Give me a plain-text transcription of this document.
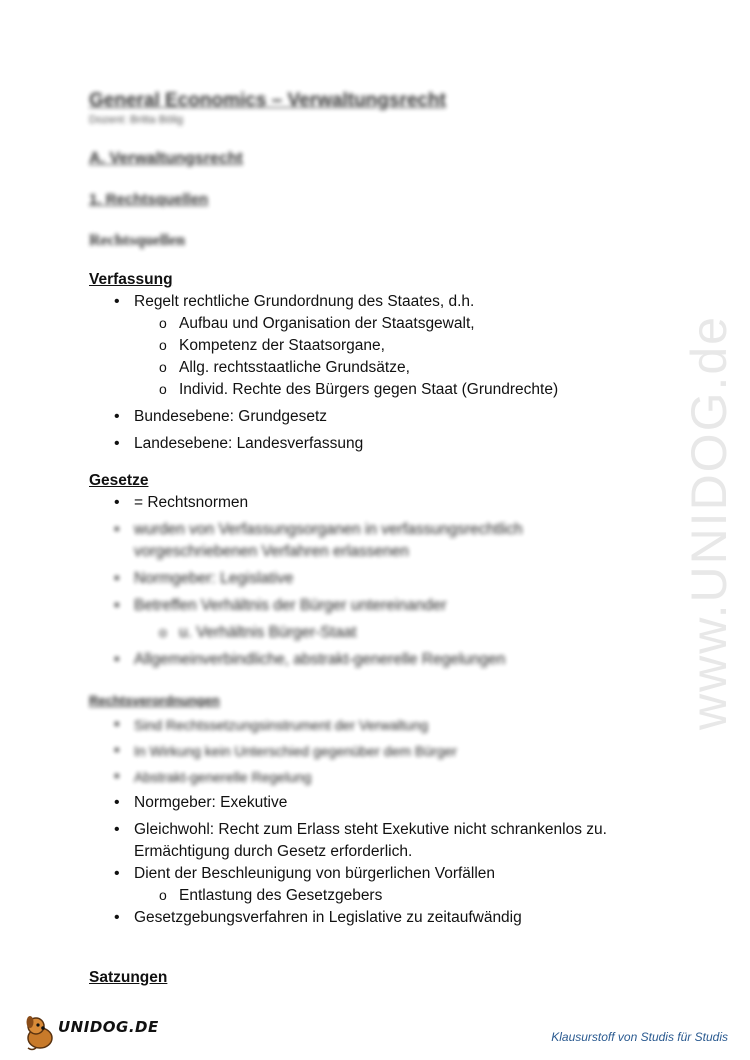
www.UNIDOG.de
General Economics – Verwaltungsrecht
Dozent: Britta Bölig
A. Verwaltungsrecht
1. Rechtsquellen
Rechtsquellen

Verfassung

• Regelt rechtliche Grundordnung des Staates, d.h.
o Aufbau und Organisation der Staatsgewalt,
o Kompetenz der Staatsorgane,
o Allg. rechtsstaatliche Grundsätze,
o Individ. Rechte des Bürgers gegen Staat (Grundrechte)
• Bundesebene: Grundgesetz
• Landesebene: Landesverfassung

Gesetze

• = Rechtsnormen
• wurden von Verfassungsorganen in verfassungsrechtlich
vorgeschriebenen Verfahren erlassenen
• Normgeber: Legislative
• Betreffen Verhältnis der Bürger untereinander
o u. Verhältnis Bürger-Staat
• Allgemeinverbindliche, abstrakt-generelle Regelungen

Rechtsverordnungen

• Sind Rechtssetzungsinstrument der Verwaltung
• In Wirkung kein Unterschied gegenüber dem Bürger
• Abstrakt-generelle Regelung
• Normgeber: Exekutive
• Gleichwohl: Recht zum Erlass steht Exekutive nicht schrankenlos zu.
Ermächtigung durch Gesetz erforderlich.
• Dient der Beschleunigung von bürgerlichen Vorfällen
o Entlastung des Gesetzgebers
• Gesetzgebungsverfahren in Legislative zu zeitaufwändig

Satzungen

UNIDOG.DE
Klausurstoff von Studis für Studis
